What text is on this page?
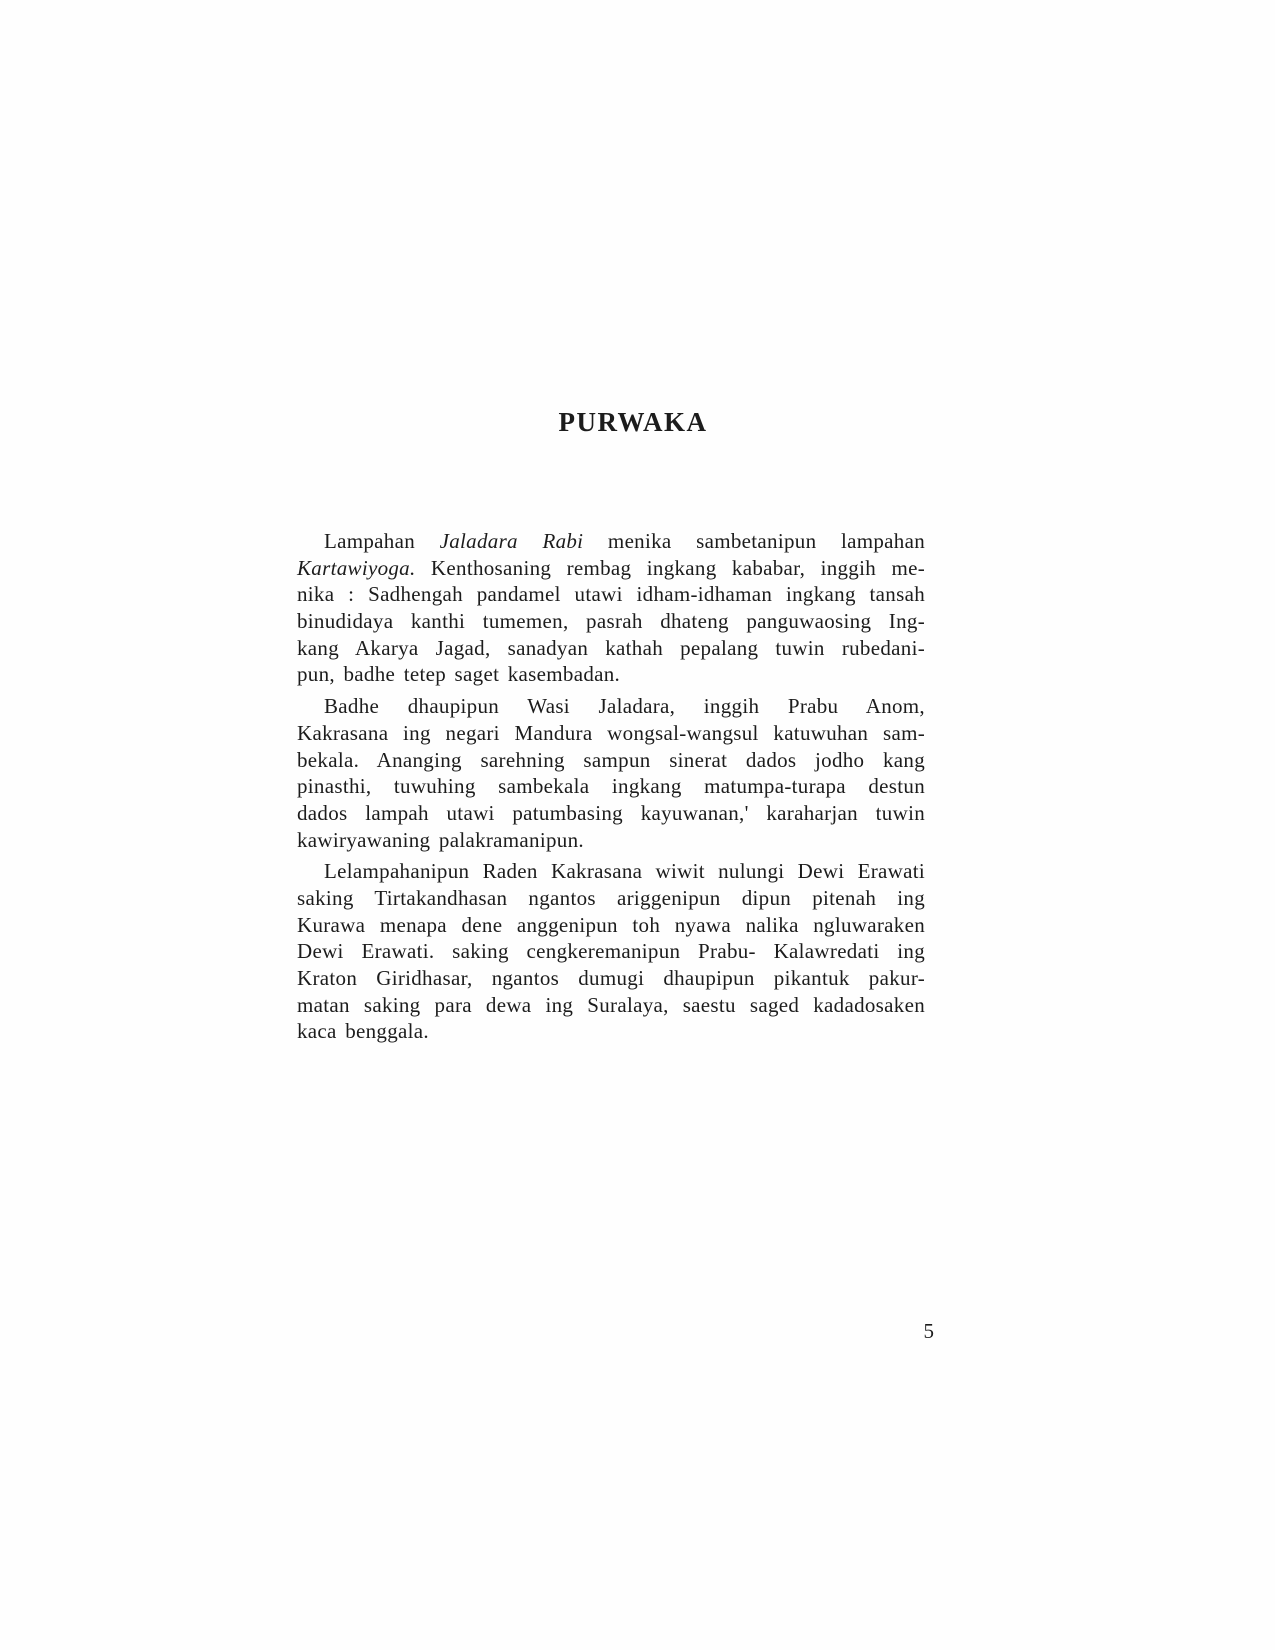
PURWAKA
Lampahan Jaladara Rabi menika sambetanipun lampahan
Kartawiyoga. Kenthosaning rembag ingkang kababar, inggih me-
nika : Sadhengah pandamel utawi idham-idhaman ingkang tansah
binudidaya kanthi tumemen, pasrah dhateng panguwaosing Ing-
kang Akarya Jagad, sanadyan kathah pepalang tuwin rubedani-
pun, badhe tetep saget kasembadan.
Badhe dhaupipun Wasi Jaladara, inggih Prabu Anom,
Kakrasana ing negari Mandura wongsal-wangsul katuwuhan sam-
bekala. Ananging sarehning sampun sinerat dados jodho kang
pinasthi, tuwuhing sambekala ingkang matumpa-turapa destun
dados lampah utawi patumbasing kayuwanan,' karaharjan tuwin
kawiryawaning palakramanipun.
Lelampahanipun Raden Kakrasana wiwit nulungi Dewi Erawati
saking Tirtakandhasan ngantos ariggenipun dipun pitenah ing
Kurawa menapa dene anggenipun toh nyawa nalika ngluwaraken
Dewi Erawati. saking cengkeremanipun Prabu- Kalawredati ing
Kraton Giridhasar, ngantos dumugi dhaupipun pikantuk pakur-
matan saking para dewa ing Suralaya, saestu saged kadadosaken
kaca benggala.
5
